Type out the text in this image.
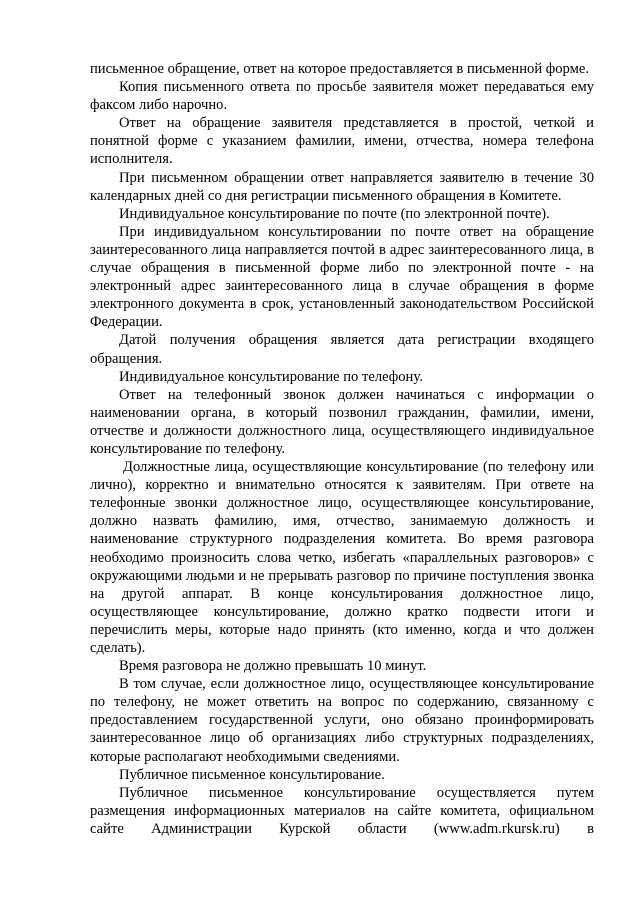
письменное обращение, ответ на которое предоставляется в письменной форме.

Копия письменного ответа по просьбе заявителя может передаваться ему факсом либо нарочно.

Ответ на обращение заявителя представляется в простой, четкой и понятной форме с указанием фамилии, имени, отчества, номера телефона исполнителя.

При письменном обращении ответ направляется заявителю в течение 30 календарных дней со дня регистрации письменного обращения в Комитете.

Индивидуальное консультирование по почте (по электронной почте).

При индивидуальном консультировании по почте ответ на обращение заинтересованного лица направляется почтой в адрес заинтересованного лица, в случае обращения в письменной форме либо по электронной почте - на электронный адрес заинтересованного лица в случае обращения в форме электронного документа в срок, установленный законодательством Российской Федерации.

Датой получения обращения является дата регистрации входящего обращения.

Индивидуальное консультирование по телефону.

Ответ на телефонный звонок должен начинаться с информации о наименовании органа, в который позвонил гражданин, фамилии, имени, отчестве и должности должностного лица, осуществляющего индивидуальное консультирование по телефону.

Должностные лица, осуществляющие консультирование (по телефону или лично), корректно и внимательно относятся к заявителям. При ответе на телефонные звонки должностное лицо, осуществляющее консультирование, должно назвать фамилию, имя, отчество, занимаемую должность и наименование структурного подразделения комитета. Во время разговора необходимо произносить слова четко, избегать «параллельных разговоров» с окружающими людьми и не прерывать разговор по причине поступления звонка на другой аппарат. В конце консультирования должностное лицо, осуществляющее консультирование, должно кратко подвести итоги и перечислить меры, которые надо принять (кто именно, когда и что должен сделать).

Время разговора не должно превышать 10 минут.

В том случае, если должностное лицо, осуществляющее консультирование по телефону, не может ответить на вопрос по содержанию, связанному с предоставлением государственной услуги, оно обязано проинформировать заинтересованное лицо об организациях либо структурных подразделениях, которые располагают необходимыми сведениями.

Публичное письменное консультирование.

Публичное письменное консультирование осуществляется путем размещения информационных материалов на сайте комитета, официальном сайте Администрации Курской области (www.adm.rkursk.ru) в
